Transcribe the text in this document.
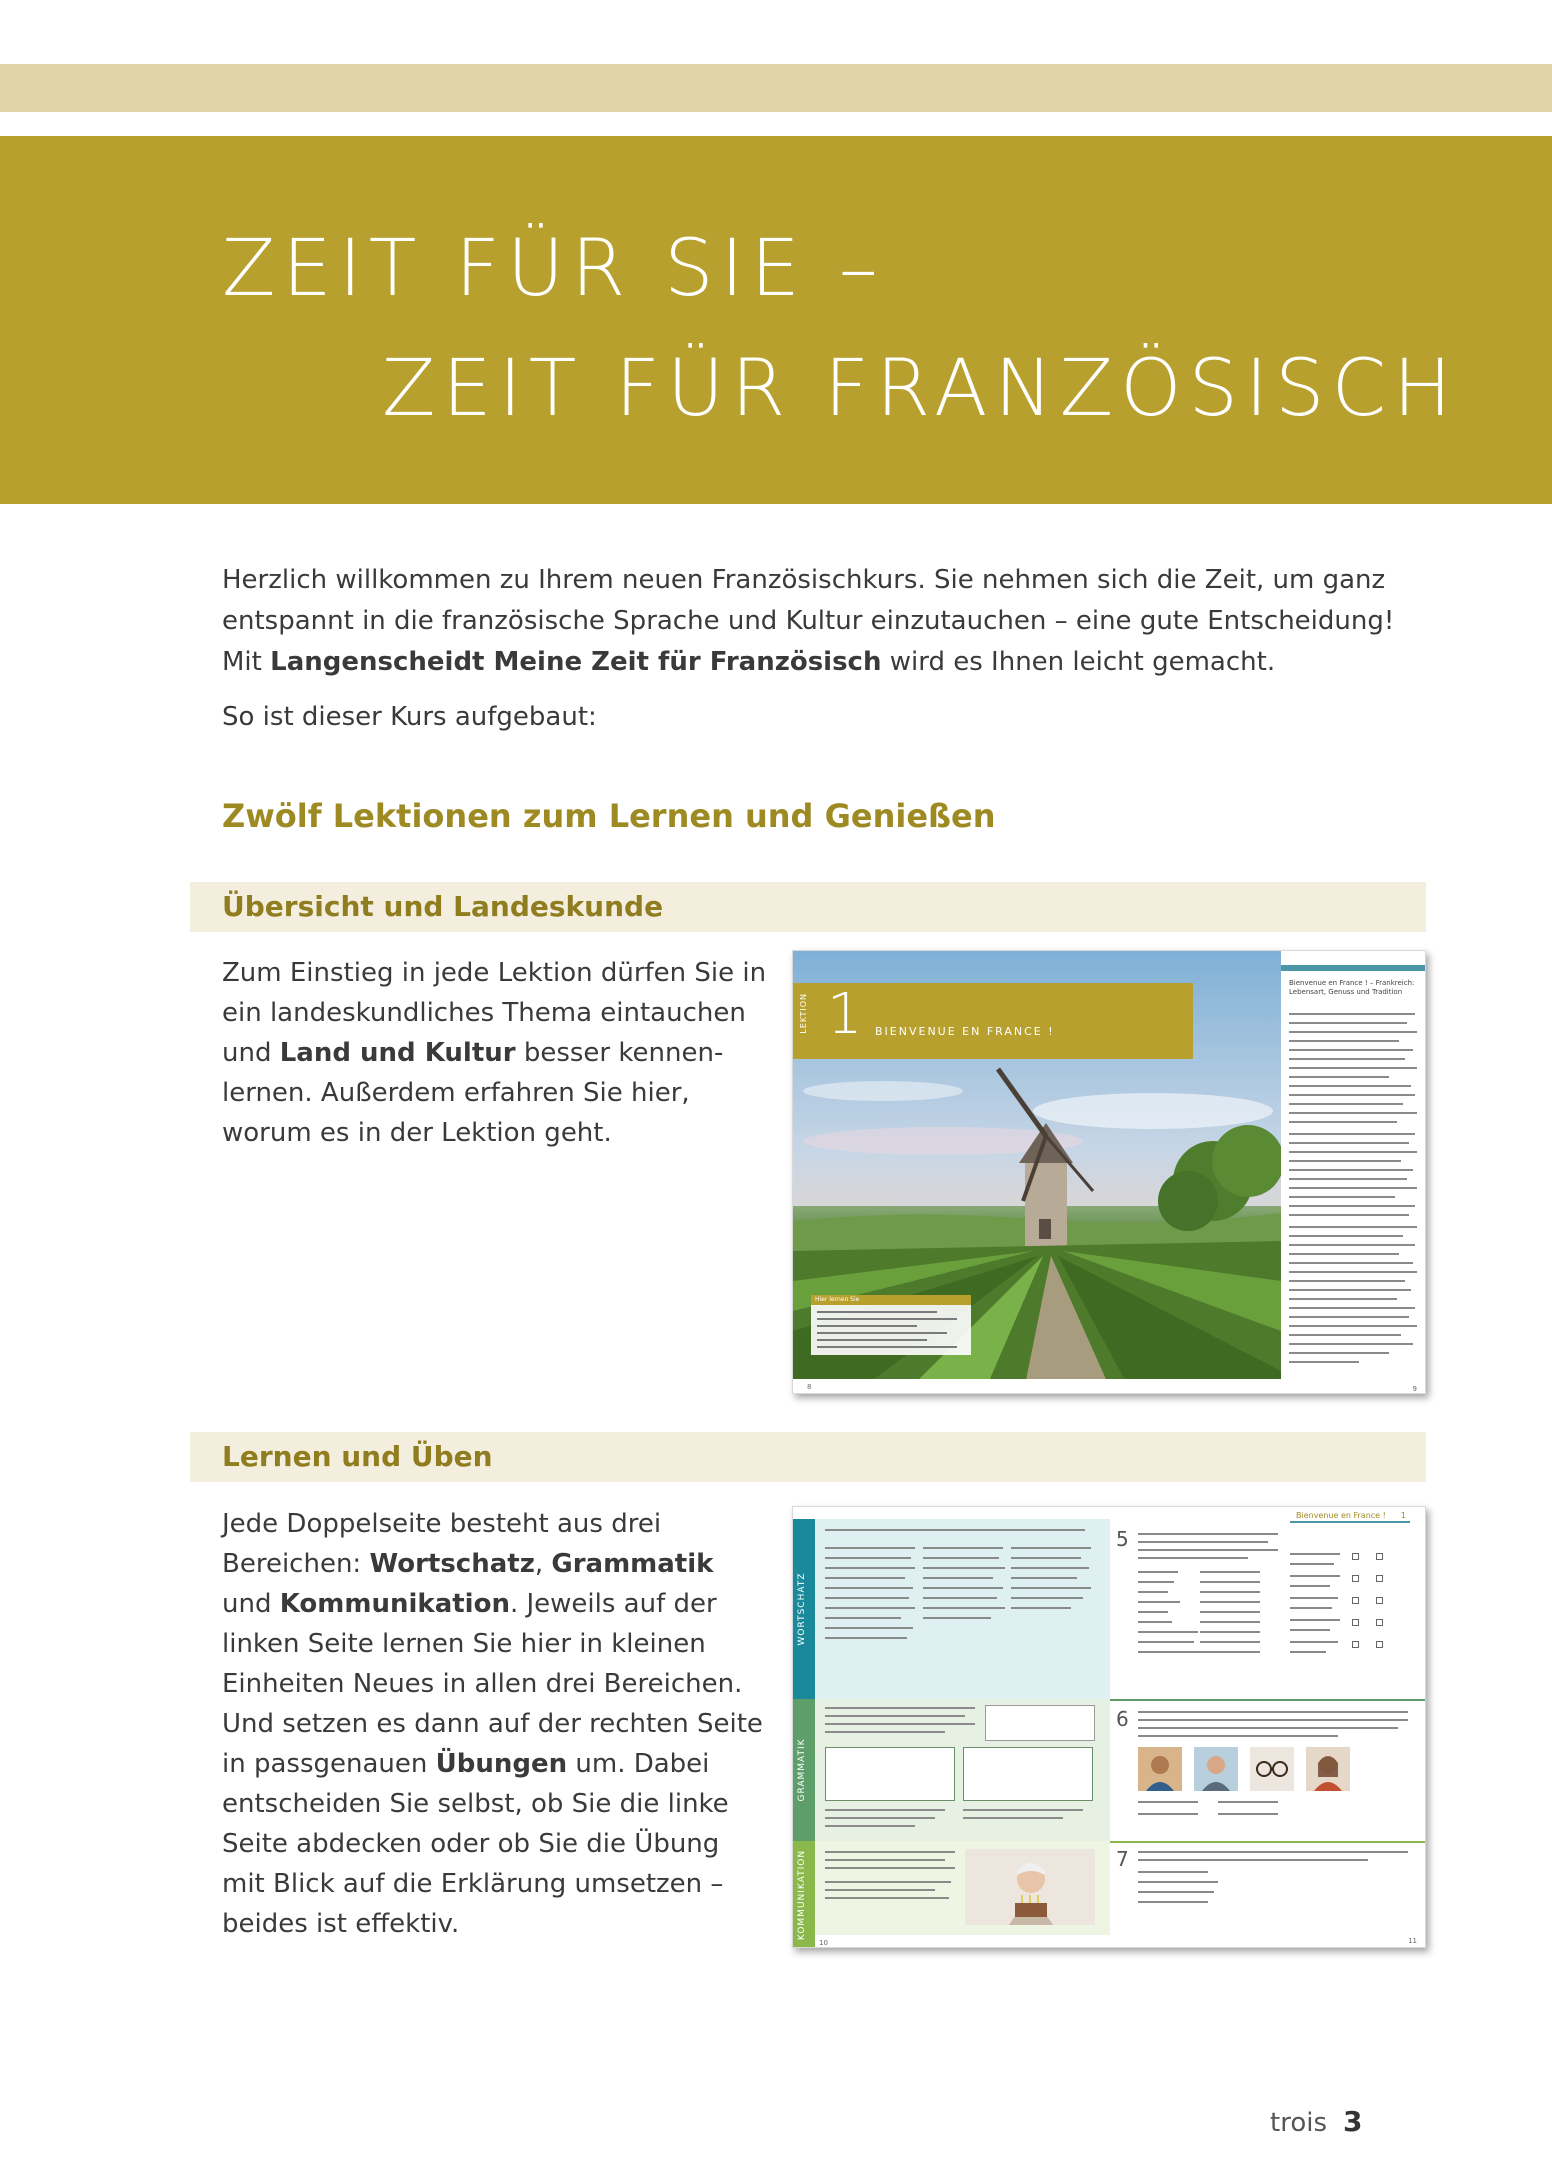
ZEIT FÜR SIE –
ZEIT FÜR FRANZÖSISCH

Herzlich willkommen zu Ihrem neuen Französischkurs. Sie nehmen sich die Zeit, um ganz entspannt in die französische Sprache und Kultur einzutauchen – eine gute Entscheidung! Mit Langenscheidt Meine Zeit für Französisch wird es Ihnen leicht gemacht.

So ist dieser Kurs aufgebaut:

Zwölf Lektionen zum Lernen und Genießen
Übersicht und Landeskunde
Zum Einstieg in jede Lektion dürfen Sie in ein landeskundliches Thema eintauchen und Land und Kultur besser kennenlernen. Außerdem erfahren Sie hier, worum es in der Lektion geht.
LEKTION 1 BIENVENUE EN FRANCE !
Hier lernen Sie
8
Bienvenue en France ! – Frankreich: Lebensart, Genuss und Tradition
9
Lernen und Üben
Jede Doppelseite besteht aus drei Bereichen: Wortschatz, Grammatik und Kommunikation. Jeweils auf der linken Seite lernen Sie hier in kleinen Einheiten Neues in allen drei Bereichen. Und setzen es dann auf der rechten Seite in passgenauen Übungen um. Dabei entscheiden Sie selbst, ob Sie die linke Seite abdecken oder ob Sie die Übung mit Blick auf die Erklärung umsetzen – beides ist effektiv.
WORTSCHATZ
GRAMMATIK
KOMMUNIKATION
10
Bienvenue en France ! 1
5
6
7
11
trois 3
